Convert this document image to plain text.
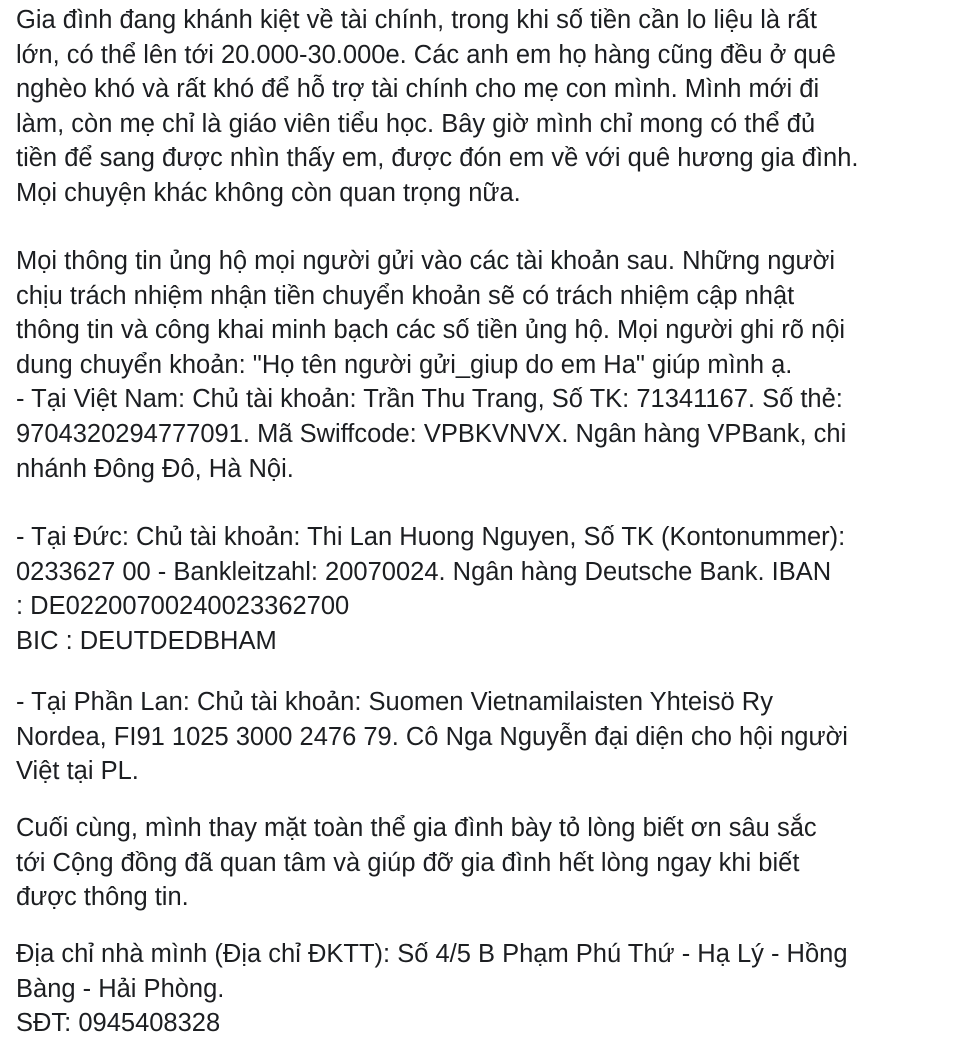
Gia đình đang khánh kiệt về tài chính, trong khi số tiền cần lo liệu là rất
lớn, có thể lên tới 20.000-30.000e. Các anh em họ hàng cũng đều ở quê
nghèo khó và rất khó để hỗ trợ tài chính cho mẹ con mình. Mình mới đi
làm, còn mẹ chỉ là giáo viên tiểu học. Bây giờ mình chỉ mong có thể đủ
tiền để sang được nhìn thấy em, được đón em về với quê hương gia đình.
Mọi chuyện khác không còn quan trọng nữa.
Mọi thông tin ủng hộ mọi người gửi vào các tài khoản sau. Những người
chịu trách nhiệm nhận tiền chuyển khoản sẽ có trách nhiệm cập nhật
thông tin và công khai minh bạch các số tiền ủng hộ. Mọi người ghi rõ nội
dung chuyển khoản: "Họ tên người gửi_giup do em Ha" giúp mình ạ.
- Tại Việt Nam: Chủ tài khoản: Trần Thu Trang, Số TK: 71341167. Số thẻ:
9704320294777091. Mã Swiffcode: VPBKVNVX. Ngân hàng VPBank, chi
nhánh Đông Đô, Hà Nội.
- Tại Đức: Chủ tài khoản: Thi Lan Huong Nguyen, Số TK (Kontonummer):
0233627 00 - Bankleitzahl: 20070024. Ngân hàng Deutsche Bank. IBAN
: DE02200700240023362700
BIC : DEUTDEDBHAM
- Tại Phần Lan: Chủ tài khoản: Suomen Vietnamilaisten Yhteisö Ry
Nordea, FI91 1025 3000 2476 79. Cô Nga Nguyễn đại diện cho hội người
Việt tại PL.
Cuối cùng, mình thay mặt toàn thể gia đình bày tỏ lòng biết ơn sâu sắc
tới Cộng đồng đã quan tâm và giúp đỡ gia đình hết lòng ngay khi biết
được thông tin.
Địa chỉ nhà mình (Địa chỉ ĐKTT): Số 4/5 B Phạm Phú Thứ - Hạ Lý - Hồng
Bàng - Hải Phòng.
SĐT: 0945408328
